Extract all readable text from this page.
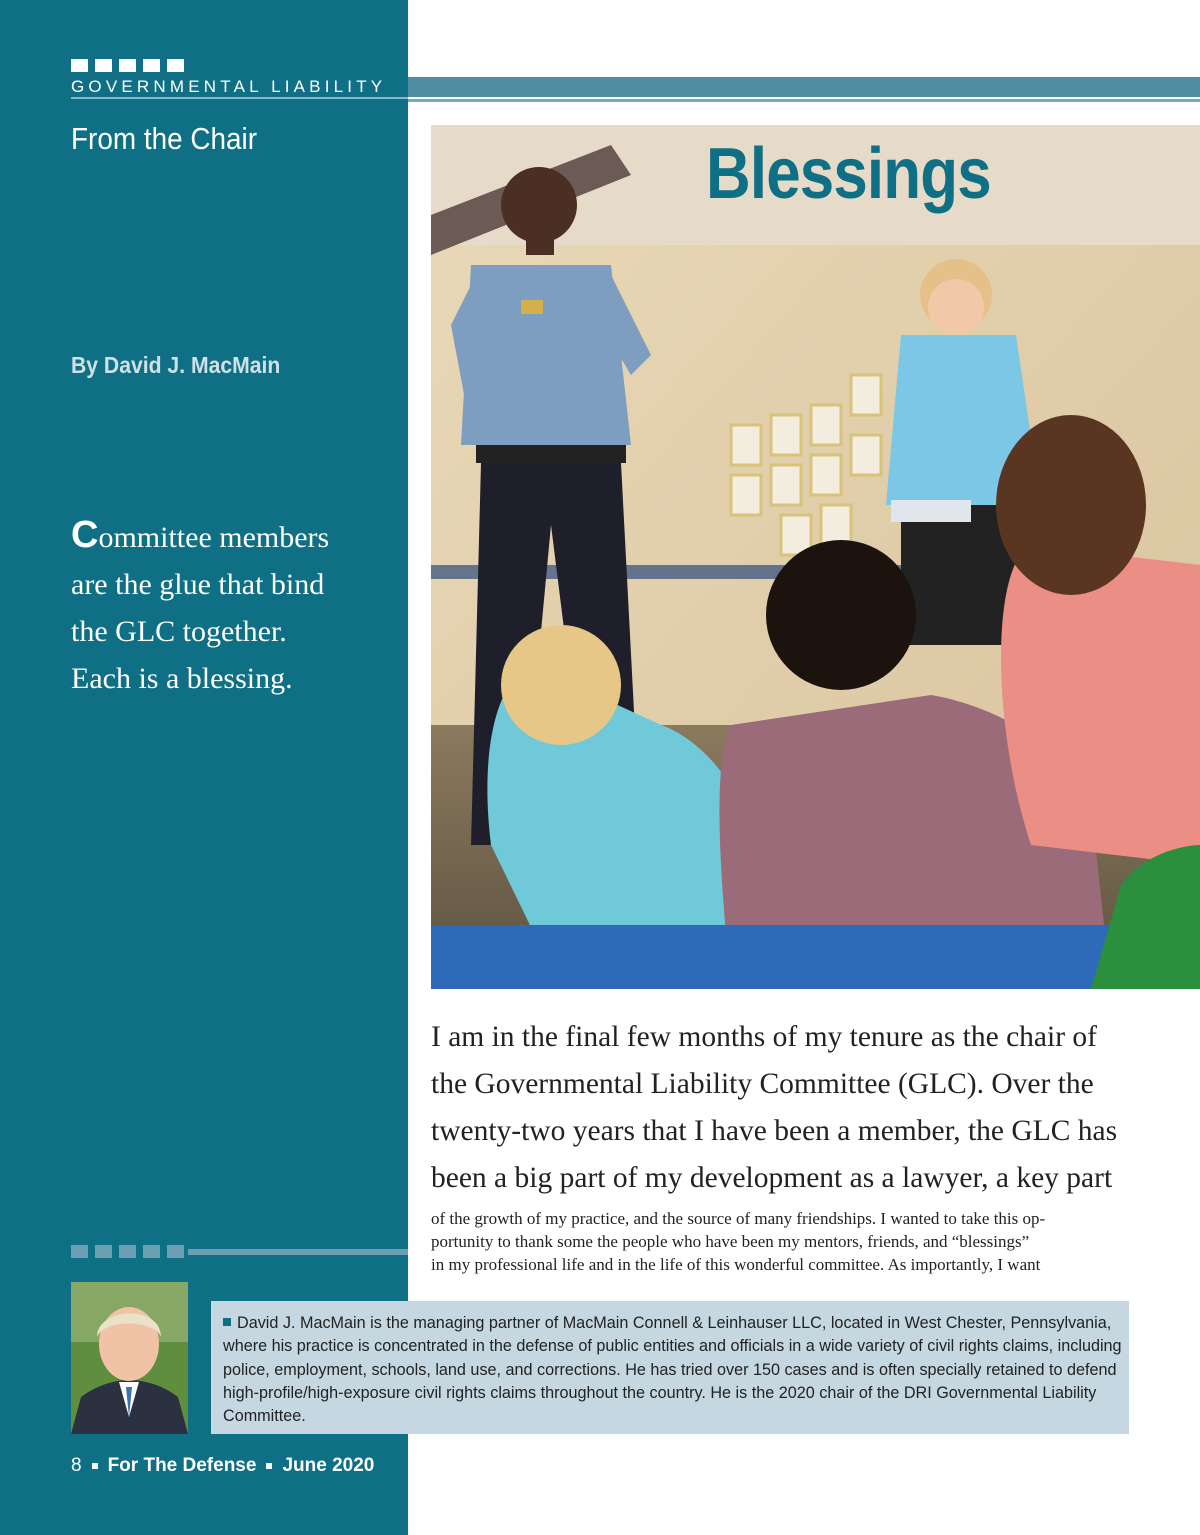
GOVERNMENTAL LIABILITY
From the Chair
By David J. MacMain
Committee members
are the glue that bind
the GLC together.
Each is a blessing.
Blessings
I am in the final few months of my tenure as the chair of
the Governmental Liability Committee (GLC). Over the
twenty-two years that I have been a member, the GLC has
been a big part of my development as a lawyer, a key part
of the growth of my practice, and the source of many friendships. I wanted to take this op-
portunity to thank some the people who have been my mentors, friends, and “blessings”
in my professional life and in the life of this wonderful committee. As importantly, I want
David J. MacMain is the managing partner of MacMain Connell & Leinhauser LLC, located in West Chester, Pennsylvania,
where his practice is concentrated in the defense of public entities and officials in a wide variety of civil rights claims, including
police, employment, schools, land use, and corrections. He has tried over 150 cases and is often specially retained to defend
high-profile/high-exposure civil rights claims throughout the country. He is the 2020 chair of the DRI Governmental Liability
Committee.
8 For The Defense June 2020
